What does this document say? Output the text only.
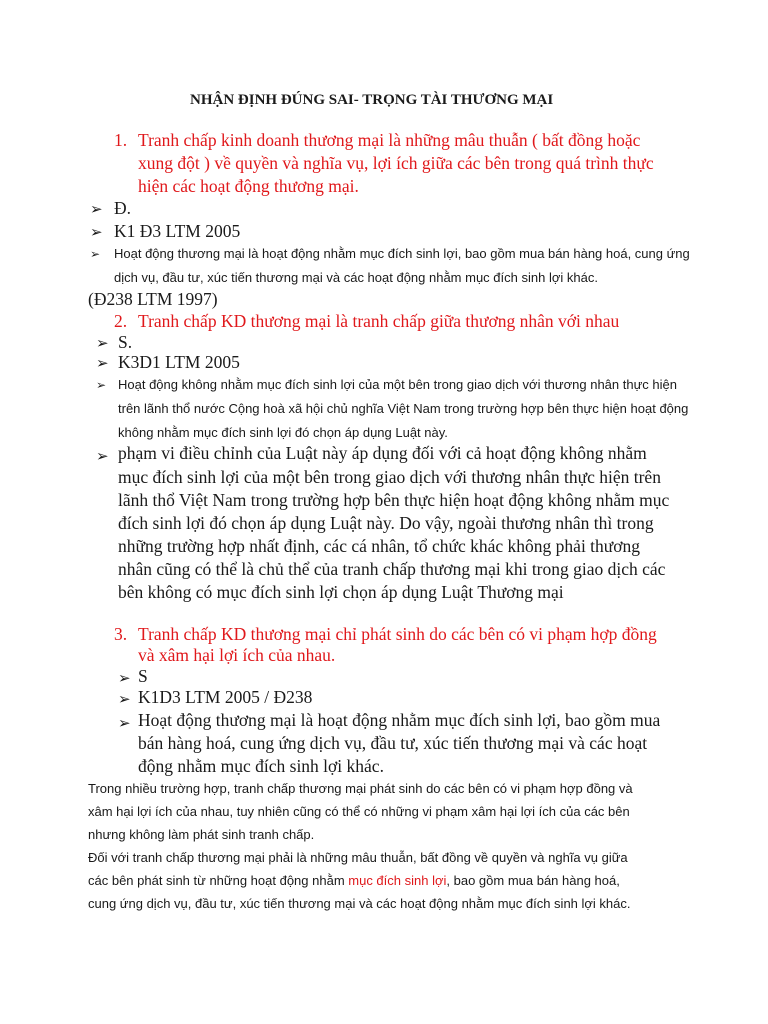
NHẬN ĐỊNH ĐÚNG SAI- TRỌNG TÀI THƯƠNG MẠI
1. Tranh chấp kinh doanh thương mại là những mâu thuẫn ( bất đồng hoặc
xung đột ) về quyền và nghĩa vụ, lợi ích giữa các bên trong quá trình thực
hiện các hoạt động thương mại.
➢ Đ.
➢ K1 Đ3 LTM 2005
➢ Hoạt động thương mại là hoạt động nhằm mục đích sinh lợi, bao gồm mua bán hàng hoá, cung ứng
dịch vụ, đầu tư, xúc tiến thương mại và các hoạt động nhằm mục đích sinh lợi khác.
(Đ238 LTM 1997)
2. Tranh chấp KD thương mại là tranh chấp giữa thương nhân với nhau
➢ S.
➢ K3D1 LTM 2005
➢ Hoạt động không nhằm mục đích sinh lợi của một bên trong giao dịch với thương nhân thực hiện
trên lãnh thổ nước Cộng hoà xã hội chủ nghĩa Việt Nam trong trường hợp bên thực hiện hoạt động
không nhằm mục đích sinh lợi đó chọn áp dụng Luật này.
➢ phạm vi điều chỉnh của Luật này áp dụng đối với cả hoạt động không nhằm
mục đích sinh lợi của một bên trong giao dịch với thương nhân thực hiện trên
lãnh thổ Việt Nam trong trường hợp bên thực hiện hoạt động không nhằm mục
đích sinh lợi đó chọn áp dụng Luật này. Do vậy, ngoài thương nhân thì trong
những trường hợp nhất định, các cá nhân, tổ chức khác không phải thương
nhân cũng có thể là chủ thể của tranh chấp thương mại khi trong giao dịch các
bên không có mục đích sinh lợi chọn áp dụng Luật Thương mại
3. Tranh chấp KD thương mại chỉ phát sinh do các bên có vi phạm hợp đồng
và xâm hại lợi ích của nhau.
➢ S
➢ K1D3 LTM 2005 / Đ238
➢ Hoạt động thương mại là hoạt động nhằm mục đích sinh lợi, bao gồm mua
bán hàng hoá, cung ứng dịch vụ, đầu tư, xúc tiến thương mại và các hoạt
động nhằm mục đích sinh lợi khác.
Trong nhiều trường hợp, tranh chấp thương mại phát sinh do các bên có vi phạm hợp đồng và
xâm hại lợi ích của nhau, tuy nhiên cũng có thể có những vi phạm xâm hại lợi ích của các bên
nhưng không làm phát sinh tranh chấp.
Đối với tranh chấp thương mại phải là những mâu thuẫn, bất đồng về quyền và nghĩa vụ giữa
các bên phát sinh từ những hoạt động nhằm mục đích sinh lợi, bao gồm mua bán hàng hoá,
cung ứng dịch vụ, đầu tư, xúc tiến thương mại và các hoạt động nhằm mục đích sinh lợi khác.
